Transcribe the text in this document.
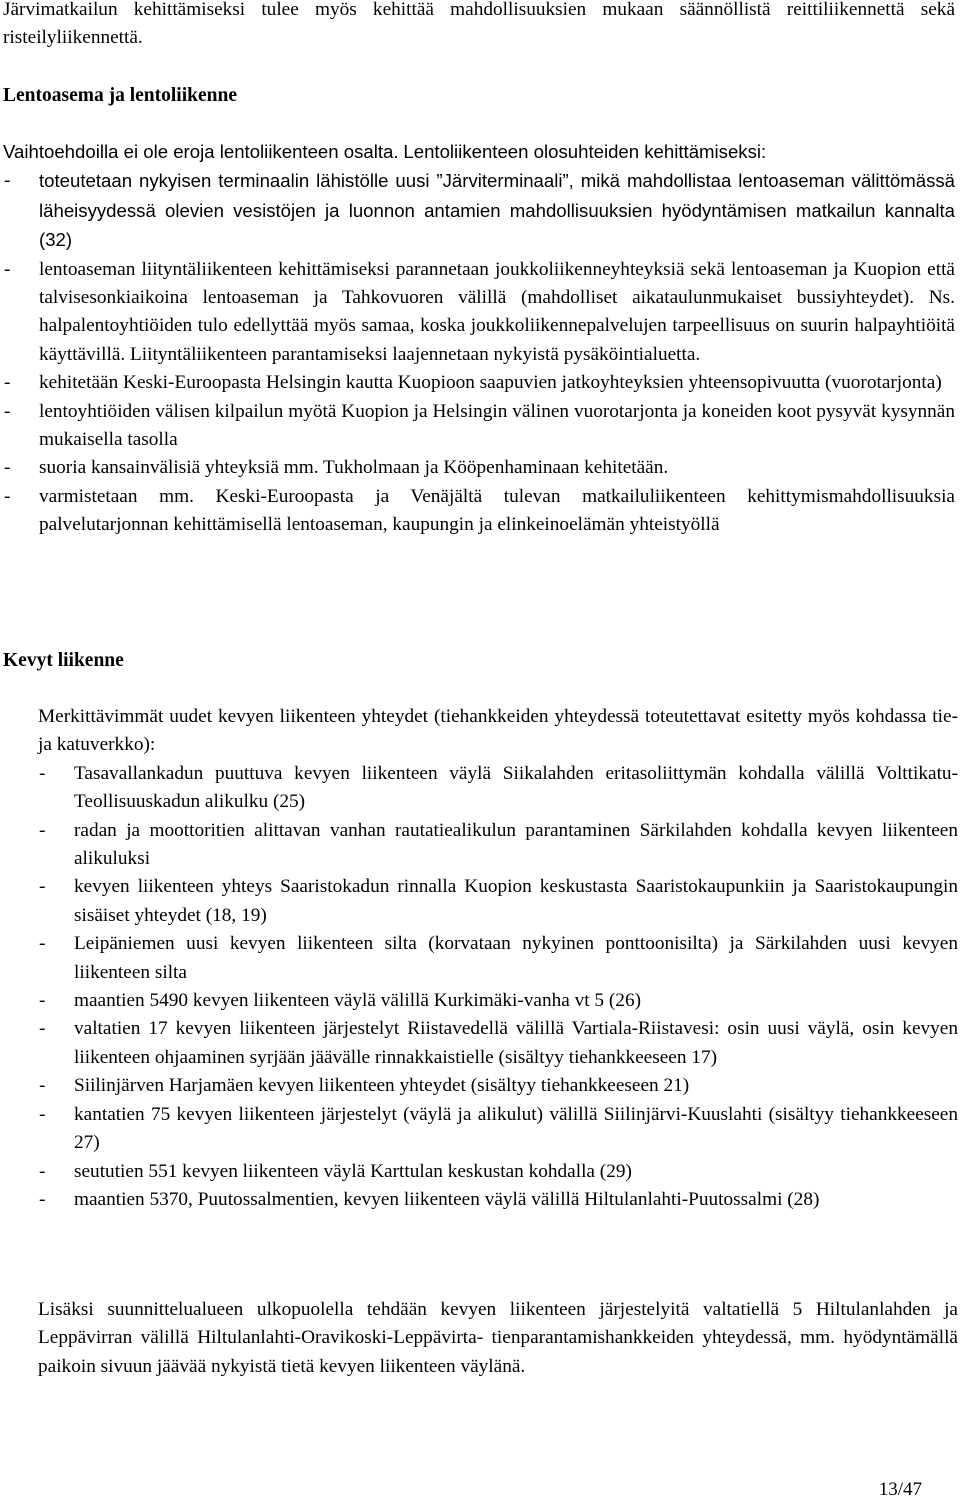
Järvimatkailun kehittämiseksi tulee myös kehittää mahdollisuuksien mukaan säännöllistä reittiliikennettä sekä risteilyliikennettä.

Lentoasema ja lentoliikenne

Vaihtoehdoilla ei ole eroja lentoliikenteen osalta. Lentoliikenteen olosuhteiden kehittämiseksi:

- toteutetaan nykyisen terminaalin lähistölle uusi ”Järviterminaali”, mikä mahdollistaa lentoaseman välittömässä läheisyydessä olevien vesistöjen ja luonnon antamien mahdollisuuksien hyödyntämisen matkailun kannalta (32)
- lentoaseman liityntäliikenteen kehittämiseksi parannetaan joukkoliikenneyhteyksiä sekä lentoaseman ja Kuopion että talvisesonkiaikoina lentoaseman ja Tahkovuoren välillä (mahdolliset aikataulunmukaiset bussiyhteydet). Ns. halpalentoyhtiöiden tulo edellyttää myös samaa, koska joukkoliikennepalvelujen tarpeellisuus on suurin halpayhtiöitä käyttävillä. Liityntäliikenteen parantamiseksi laajennetaan nykyistä pysäköintialuetta.
- kehitetään Keski-Euroopasta Helsingin kautta Kuopioon saapuvien jatkoyhteyksien yhteensopivuutta (vuorotarjonta)
- lentoyhtiöiden välisen kilpailun myötä Kuopion ja Helsingin välinen vuorotarjonta ja koneiden koot pysyvät kysynnän mukaisella tasolla
- suoria kansainvälisiä yhteyksiä mm. Tukholmaan ja Kööpenhaminaan kehitetään.
- varmistetaan mm. Keski-Euroopasta ja Venäjältä tulevan matkailuliikenteen kehittymismahdollisuuksia palvelutarjonnan kehittämisellä lentoaseman, kaupungin ja elinkeinoelämän yhteistyöllä
Kevyt liikenne

Merkittävimmät uudet kevyen liikenteen yhteydet (tiehankkeiden yhteydessä toteutettavat esitetty myös kohdassa tie- ja katuverkko):

- Tasavallankadun puuttuva kevyen liikenteen väylä Siikalahden eritasoliittymän kohdalla välillä Volttikatu-Teollisuuskadun alikulku (25)
- radan ja moottoritien alittavan vanhan rautatiealikulun parantaminen Särkilahden kohdalla kevyen liikenteen alikuluksi
- kevyen liikenteen yhteys Saaristokadun rinnalla Kuopion keskustasta Saaristokaupunkiin ja Saaristokaupungin sisäiset yhteydet (18, 19)
- Leipäniemen uusi kevyen liikenteen silta (korvataan nykyinen ponttoonisilta) ja Särkilahden uusi kevyen liikenteen silta
- maantien 5490 kevyen liikenteen väylä välillä Kurkimäki-vanha vt 5 (26)
- valtatien 17 kevyen liikenteen järjestelyt Riistavedellä välillä Vartiala-Riistavesi: osin uusi väylä, osin kevyen liikenteen ohjaaminen syrjään jäävälle rinnakkaistielle (sisältyy tiehankkeeseen 17)
- Siilinjärven Harjamäen kevyen liikenteen yhteydet (sisältyy tiehankkeeseen 21)
- kantatien 75 kevyen liikenteen järjestelyt (väylä ja alikulut) välillä Siilinjärvi-Kuuslahti (sisältyy tiehankkeeseen 27)
- seututien 551 kevyen liikenteen väylä Karttulan keskustan kohdalla (29)
- maantien 5370, Puutossalmentien, kevyen liikenteen väylä välillä Hiltulanlahti-Puutossalmi (28)

Lisäksi suunnittelualueen ulkopuolella tehdään kevyen liikenteen järjestelyitä valtatiellä 5 Hiltulanlahden ja Leppävirran välillä Hiltulanlahti-Oravikoski-Leppävirta- tienparantamishankkeiden yhteydessä, mm. hyödyntämällä paikoin sivuun jäävää nykyistä tietä kevyen liikenteen väylänä.

13/47
